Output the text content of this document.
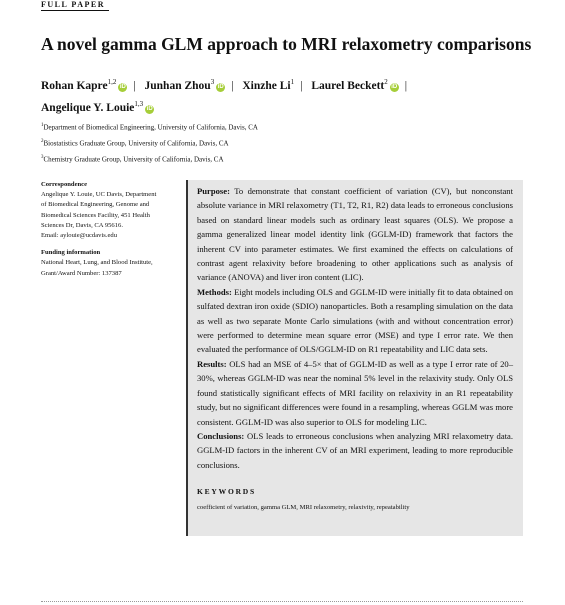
FULL PAPER
A novel gamma GLM approach to MRI relaxometry comparisons
Rohan Kapre$^{1,2}$iD | Junhan Zhou$^3$iD | Xinzhe Li$^1$ | Laurel Beckett$^2$iD |
Angelique Y. Louie$^{1,3}$iD
$^1$Department of Biomedical Engineering, University of California, Davis, CA
$^2$Biostatistics Graduate Group, University of California, Davis, CA
$^3$Chemistry Graduate Group, University of California, Davis, CA
Correspondence
Angelique Y. Louie, UC Davis, Department
of Biomedical Engineering, Genome and
Biomedical Sciences Facility, 451 Health
Sciences Dr, Davis, CA 95616.
Email: aylouie@ucdavis.edu
Funding information
National Heart, Lung, and Blood Institute,
Grant/Award Number: 137387

Purpose: To demonstrate that constant coefficient of variation (CV), but nonconstant absolute variance in MRI relaxometry (T1, T2, R1, R2) data leads to erroneous conclusions based on standard linear models such as ordinary least squares (OLS). We propose a gamma generalized linear model identity link (GGLM-ID) framework that factors the inherent CV into parameter estimates. We first examined the effects on calculations of contrast agent relaxivity before broadening to other applications such as analysis of variance (ANOVA) and liver iron content (LIC).

Methods: Eight models including OLS and GGLM-ID were initially fit to data obtained on sulfated dextran iron oxide (SDIO) nanoparticles. Both a resampling simulation on the data as well as two separate Monte Carlo simulations (with and without concentration error) were performed to determine mean square error (MSE) and type I error rate. We then evaluated the performance of OLS/GGLM-ID on R1 repeatability and LIC data sets.

Results: OLS had an MSE of 4–5× that of GGLM-ID as well as a type I error rate of 20–30%, whereas GGLM-ID was near the nominal 5% level in the relaxivity study. Only OLS found statistically significant effects of MRI facility on relaxivity in an R1 repeatability study, but no significant differences were found in a resampling, whereas GGLM was more consistent. GGLM-ID was also superior to OLS for modeling LIC.

Conclusions: OLS leads to erroneous conclusions when analyzing MRI relaxometry data. GGLM-ID factors in the inherent CV of an MRI experiment, leading to more reproducible conclusions.

KEYWORDS
coefficient of variation, gamma GLM, MRI relaxometry, relaxivity, repeatability
